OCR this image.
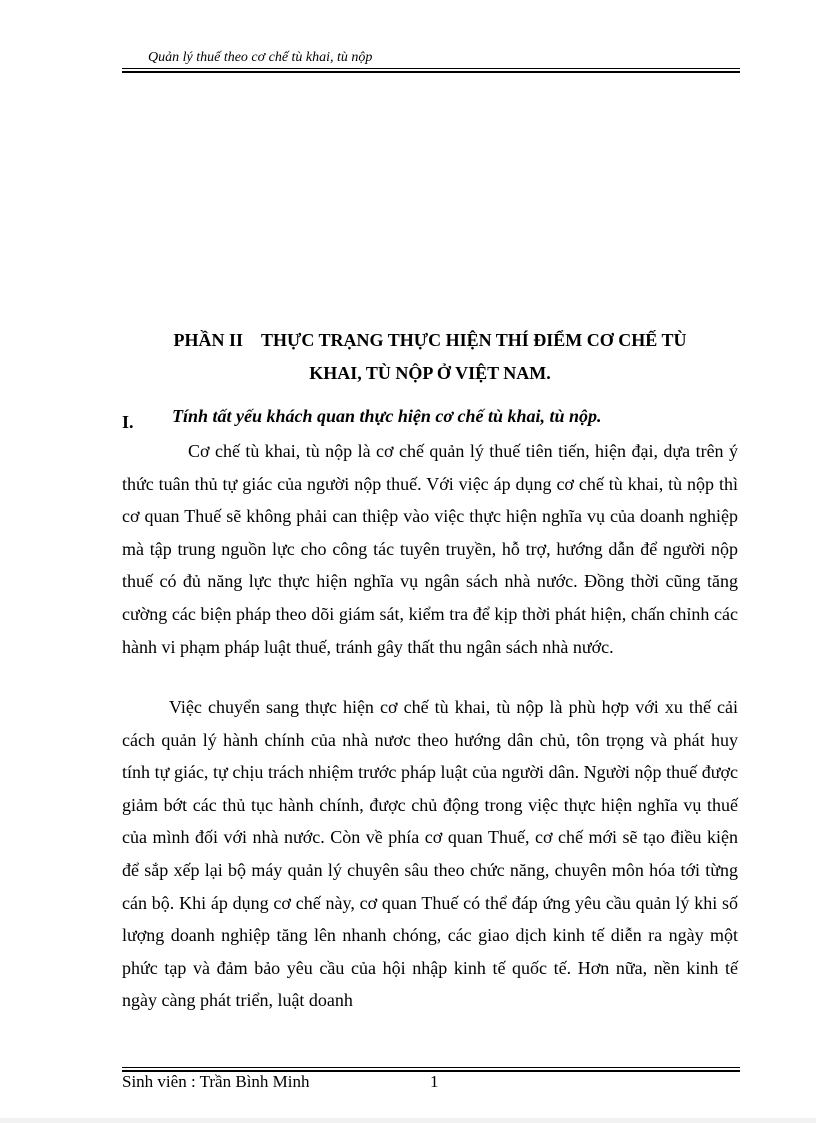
Quản lý thuế theo cơ chế tù khai, tù nộp
PHẦN II THỰC TRẠNG THỰC HIỆN THÍ ĐIỂM CƠ CHẾ TÙ
KHAI, TÙ NỘP Ở VIỆT NAM.
I. Tính tất yếu khách quan thực hiện cơ chế tù khai, tù nộp.
Cơ chế tù khai, tù nộp là cơ chế quản lý thuế tiên tiến, hiện đại, dựa trên ý thức tuân thủ tự giác của người nộp thuế. Với việc áp dụng cơ chế tù khai, tù nộp thì cơ quan Thuế sẽ không phải can thiệp vào việc thực hiện nghĩa vụ của doanh nghiệp mà tập trung nguồn lực cho công tác tuyên truyền, hỗ trợ, hướng dẫn để người nộp thuế có đủ năng lực thực hiện nghĩa vụ ngân sách nhà nước. Đồng thời cũng tăng cường các biện pháp theo dõi giám sát, kiểm tra để kịp thời phát hiện, chấn chỉnh các hành vi phạm pháp luật thuế, tránh gây thất thu ngân sách nhà nước.
Việc chuyển sang thực hiện cơ chế tù khai, tù nộp là phù hợp với xu thế cải cách quản lý hành chính của nhà nươc theo hướng dân chủ, tôn trọng và phát huy tính tự giác, tự chịu trách nhiệm trước pháp luật của người dân. Người nộp thuế được giảm bớt các thủ tục hành chính, được chủ động trong việc thực hiện nghĩa vụ thuế của mình đối với nhà nước. Còn về phía cơ quan Thuế, cơ chế mới sẽ tạo điều kiện để sắp xếp lại bộ máy quản lý chuyên sâu theo chức năng, chuyên môn hóa tới từng cán bộ. Khi áp dụng cơ chế này, cơ quan Thuế có thể đáp ứng yêu cầu quản lý khi số lượng doanh nghiệp tăng lên nhanh chóng, các giao dịch kinh tế diễn ra ngày một phức tạp và đảm bảo yêu cầu của hội nhập kinh tế quốc tế. Hơn nữa, nền kinh tế ngày càng phát triển, luật doanh
Sinh viên : Trần Bình Minh	1
